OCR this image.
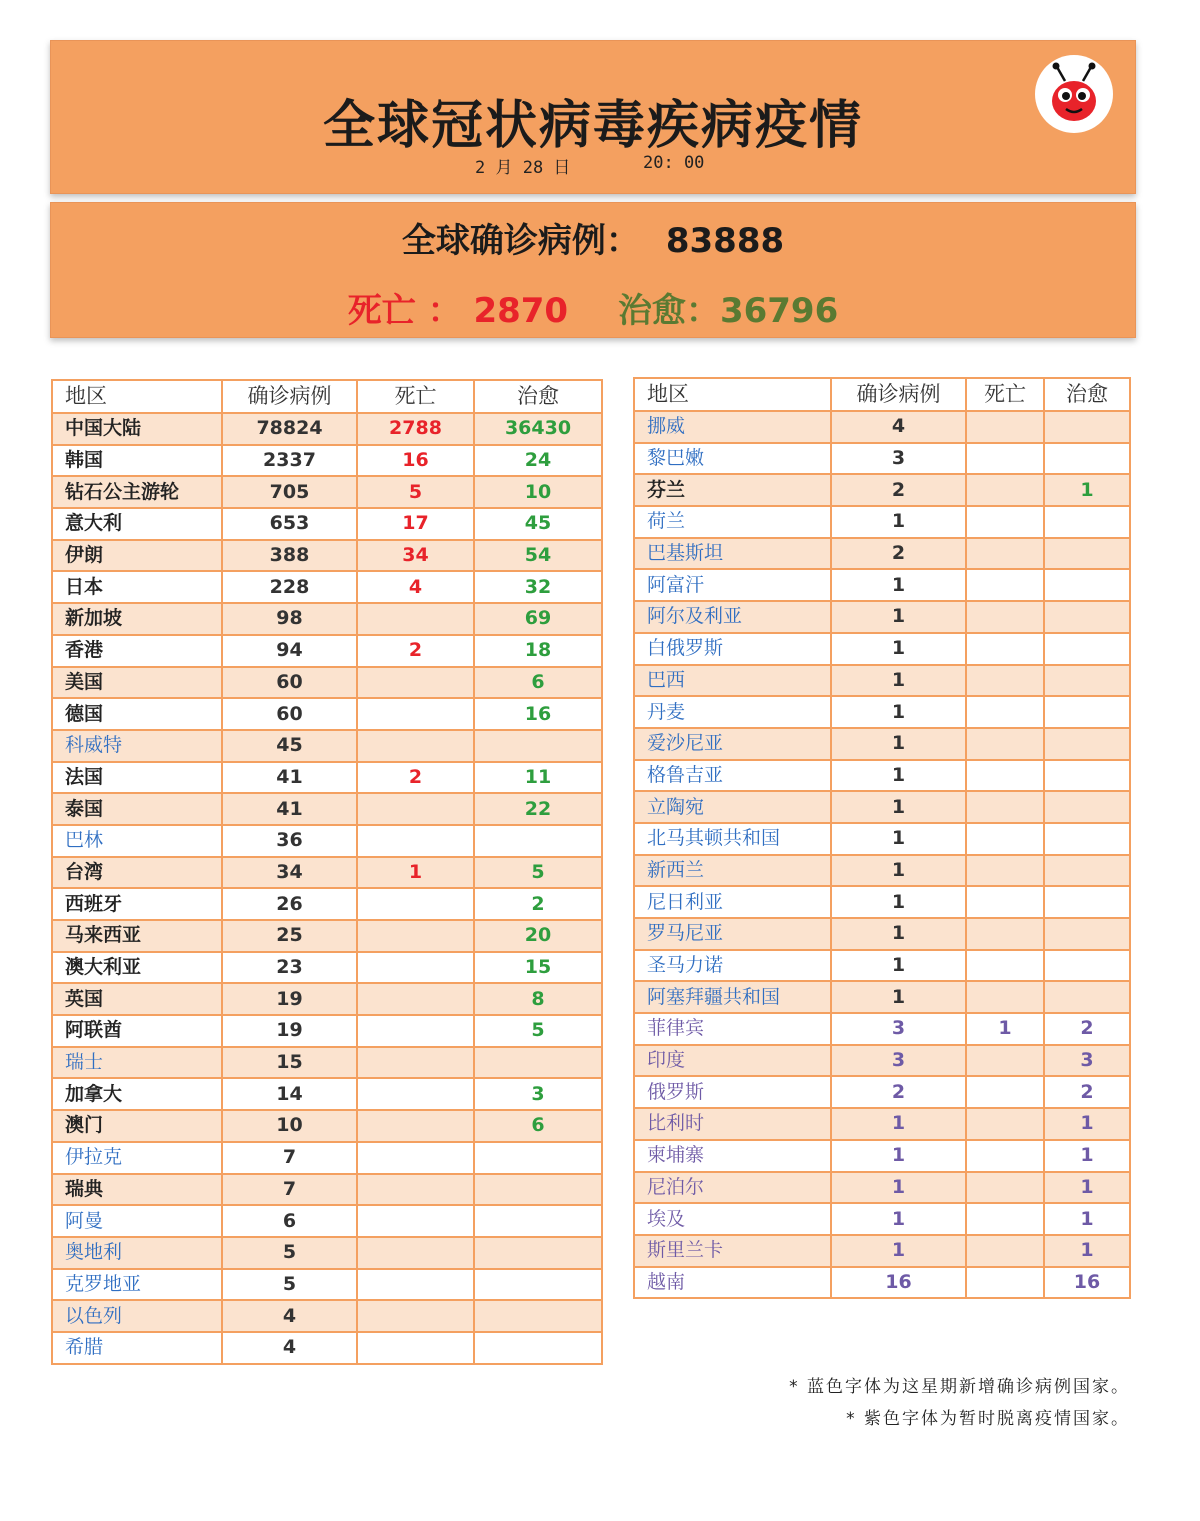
全球冠状病毒疾病疫情
2 月 28 日	20: 00
全球确诊病例： 83888
死亡 ： 2870 治愈：36796
地区	确诊病例	死亡	治愈
中国大陆	78824	2788	36430
韩国	2337	16	24
钻石公主游轮	705	5	10
意大利	653	17	45
伊朗	388	34	54
日本	228	4	32
新加坡	98		69
香港	94	2	18
美国	60		6
德国	60		16
科威特	45		
法国	41	2	11
泰国	41		22
巴林	36		
台湾	34	1	5
西班牙	26		2
马来西亚	25		20
澳大利亚	23		15
英国	19		8
阿联酋	19		5
瑞士	15		
加拿大	14		3
澳门	10		6
伊拉克	7		
瑞典	7		
阿曼	6		
奥地利	5		
克罗地亚	5		
以色列	4		
希腊	4		
地区	确诊病例	死亡	治愈
挪威	4		
黎巴嫩	3		
芬兰	2		1
荷兰	1		
巴基斯坦	2		
阿富汗	1		
阿尔及利亚	1		
白俄罗斯	1		
巴西	1		
丹麦	1		
爱沙尼亚	1		
格鲁吉亚	1		
立陶宛	1		
北马其顿共和国	1		
新西兰	1		
尼日利亚	1		
罗马尼亚	1		
圣马力诺	1		
阿塞拜疆共和国	1		
菲律宾	3	1	2
印度	3		3
俄罗斯	2		2
比利时	1		1
柬埔寨	1		1
尼泊尔	1		1
埃及	1		1
斯里兰卡	1		1
越南	16		16
* 蓝色字体为这星期新增确诊病例国家。
* 紫色字体为暂时脱离疫情国家。
